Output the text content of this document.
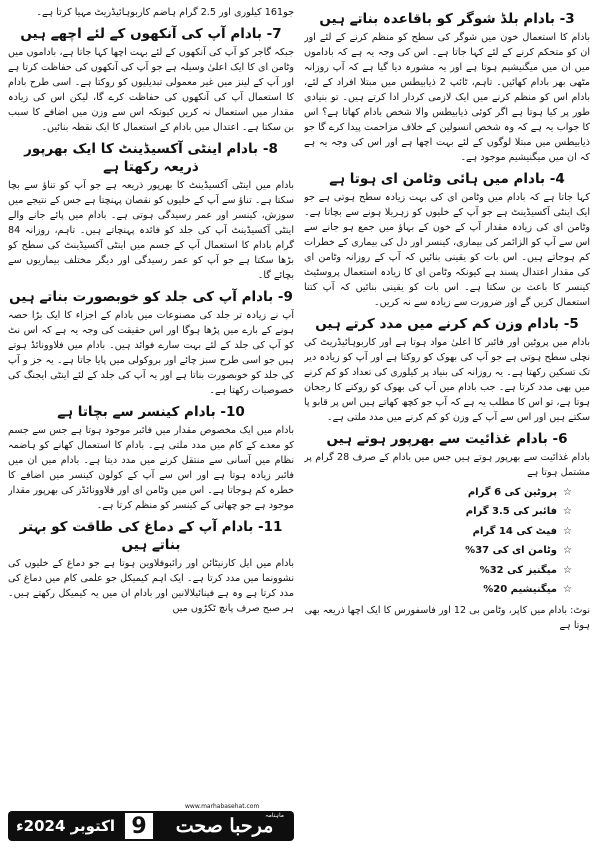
جو161 کیلوری اور 2.5 گرام ہاضم کاربوہائیڈریٹ مہیا کرتا ہے۔

7- بادام آپ کی آنکھوں کے لئے اچھے ہیں

جبکہ گاجر کو آپ کی آنکھوں کے لئے بہت اچھا کہا جاتا ہے، باداموں میں وٹامن ای کا ایک اعلیٰ وسیلہ ہے جو آپ کی آنکھوں کی حفاظت کرتا ہے اور آپ کے لینز میں غیر معمولی تبدیلیوں کو روکتا ہے۔ اسی طرح بادام کا استعمال آپ کی آنکھوں کی حفاظت کرے گا، لیکن اس کی زیادہ مقدار میں استعمال نہ کریں کیونکہ اس سے وزن میں اضافے کا سبب بن سکتا ہے۔ اعتدال میں بادام کے استعمال کا ایک نقطہ بنائیں۔

8- بادام اینٹی آکسیڈینٹ کا ایک بھرپور ذریعہ رکھتا ہے

بادام میں اینٹی آکسیڈینٹ کا بھرپور ذریعہ ہے جو آپ کو تناؤ سے بچا سکتا ہے۔ تناؤ سے آپ کے خلیوں کو نقصان پہنچتا ہے جس کے نتیجے میں سوزش، کینسر اور عمر رسیدگی ہوتی ہے۔ بادام میں پائے جانے والے اینٹی آکسیڈینٹ آپ کی جلد کو فائدہ پہنچاتے ہیں۔ تاہم، روزانہ 84 گرام بادام کا استعمال آپ کے جسم میں اینٹی آکسیڈینٹ کی سطح کو بڑھا سکتا ہے جو آپ کو عمر رسیدگی اور دیگر مختلف بیماریوں سے بچائے گا۔

9- بادام آپ کی جلد کو خوبصورت بناتے ہیں

آپ نے زیادہ تر جلد کی مصنوعات میں بادام کے اجزاء کا ایک بڑا حصہ ہونے کے بارے میں پڑھا ہوگا اور اس حقیقت کی وجہ یہ ہے کہ اس نٹ کو آپ کی جلد کے لئے بہت سارے فوائد ہیں۔ بادام میں فلاوونائڈ ہوتے ہیں جو اسی طرح سبز چائے اور بروکولی میں پایا جاتا ہے۔ یہ جز و آپ کی جلد کو خوبصورت بناتا ہے اور یہ آپ کی جلد کے لئے اینٹی ایجنگ کی خصوصیات رکھتا ہے۔

10- بادام کینسر سے بچاتا ہے

بادام میں ایک مخصوص مقدار میں فائبر موجود ہوتا ہے جس سے جسم کو معدے کے کام میں مدد ملتی ہے۔ بادام کا استعمال کھانے کو ہاضمہ نظام میں آسانی سے منتقل کرنے میں مدد دیتا ہے۔ بادام میں ان میں فائبر زیادہ ہوتا ہے اور اس سے آپ کے کولون کینسر میں اضافے کا خطرہ کم ہوجاتا ہے۔ اس میں وٹامن ای اور فلاوونائڈز کی بھرپور مقدار موجود ہے جو چھاتی کے کینسر کو منظم کرتا ہے۔

11- بادام آپ کے دماغ کی طاقت کو بہتر بناتے ہیں

بادام میں ایل کارنیٹائن اور رائبوفلاوین ہوتا ہے جو دماغ کے خلیوں کی نشوونما میں مدد کرتا ہے۔ ایک اہم کیمیکل جو علمی کام میں دماغ کی مدد کرتا ہے وہ ہے فینائیلالانین اور بادام ان میں یہ کیمیکل رکھتے ہیں۔ ہر صبح صرف پانچ ٹکڑوں میں

3- بادام بلڈ شوگر کو باقاعدہ بناتے ہیں

بادام کا استعمال خون میں شوگر کی سطح کو منظم کرنے کے لئے اور ان کو متحکم کرنے کے لئے کہا جاتا ہے۔ اس کی وجہ یہ ہے کہ باداموں میں ان میں میگنیشیم ہوتا ہے اور یہ مشورہ دیا گیا ہے کہ آپ روزانہ مٹھی بھر بادام کھائیں۔ تاہم، ٹائپ 2 ذیابیطس میں مبتلا افراد کے لئے، بادام اس کو منظم کرنے میں ایک لازمی کردار ادا کرتے ہیں۔ تو بنیادی طور پر کیا ہوتا ہے اگر کوئی ذیابیطس والا شخص بادام کھاتا ہے؟ اس کا جواب یہ ہے کہ وہ شخص انسولین کے خلاف مزاحمت پیدا کرے گا جو ذیابیطس میں مبتلا لوگوں کے لئے بہت اچھا ہے اور اس کی وجہ یہ ہے کہ ان میں میگنیشیم موجود ہے۔

4- بادام میں ہائی وٹامن ای ہوتا ہے

کہا جاتا ہے کہ بادام میں وٹامن ای کی بہت زیادہ سطح ہوتی ہے جو ایک اینٹی آکسیڈینٹ ہے جو آپ کے خلیوں کو زہریلا ہونے سے بچاتا ہے۔ وٹامن ای کی زیادہ مقدار آپ کے خون کے بہاؤ میں جمع ہو جانے سے اس سے آپ کو الزائمر کی بیماری، کینسر اور دل کی بیماری کے خطرات کم ہوجاتے ہیں۔ اس بات کو یقینی بنائیں کہ آپ کے روزانہ وٹامن ای کی مقدار اعتدال پسند ہے کیونکہ وٹامن ای کا زیادہ استعمال پروسٹیٹ کینسر کا باعث بن سکتا ہے۔ اس بات کو یقینی بنائیں کہ آپ کتنا استعمال کریں گے اور ضرورت سے زیادہ سے نہ کریں۔

5- بادام وزن کم کرنے میں مدد کرتے ہیں

بادام میں پروٹین اور فائبر کا اعلیٰ مواد ہوتا ہے اور کاربوہائیڈریٹ کی نچلی سطح ہوتی ہے جو آپ کی بھوک کو روکتا ہے اور آپ کو زیادہ دیر تک تسکین رکھتا ہے۔ یہ روزانہ کی بنیاد پر کیلوری کی تعداد کو کم کرنے میں بھی مدد کرتا ہے۔ جب بادام میں آپ کی بھوک کو روکنے کا رجحان ہوتا ہے، تو اس کا مطلب یہ ہے کہ آپ جو کچھ کھاتے ہیں اس پر قابو پا سکتے ہیں اور اس سے آپ کے وزن کو کم کرنے میں مدد ملتی ہے۔

6- بادام غذائیت سے بھرپور ہوتے ہیں

بادام غذائیت سے بھرپور ہوتے ہیں جس میں بادام کے صرف 28 گرام پر مشتمل ہوتا ہے

☆پروٹین کی 6 گرام
☆فائبر کی 3.5 گرام
☆فیٹ کی 14 گرام
☆وٹامن ای کی 37%
☆میگنیز کی 32%
☆میگنیشیم 20%

نوٹ: بادام میں کاپر، وٹامن بی 12 اور فاسفورس کا ایک اچھا ذریعہ بھی ہوتا ہے

اکتوبر 2024ء 9	ماہنامہ
مرحبا صحت
www.marhabasehat.com
